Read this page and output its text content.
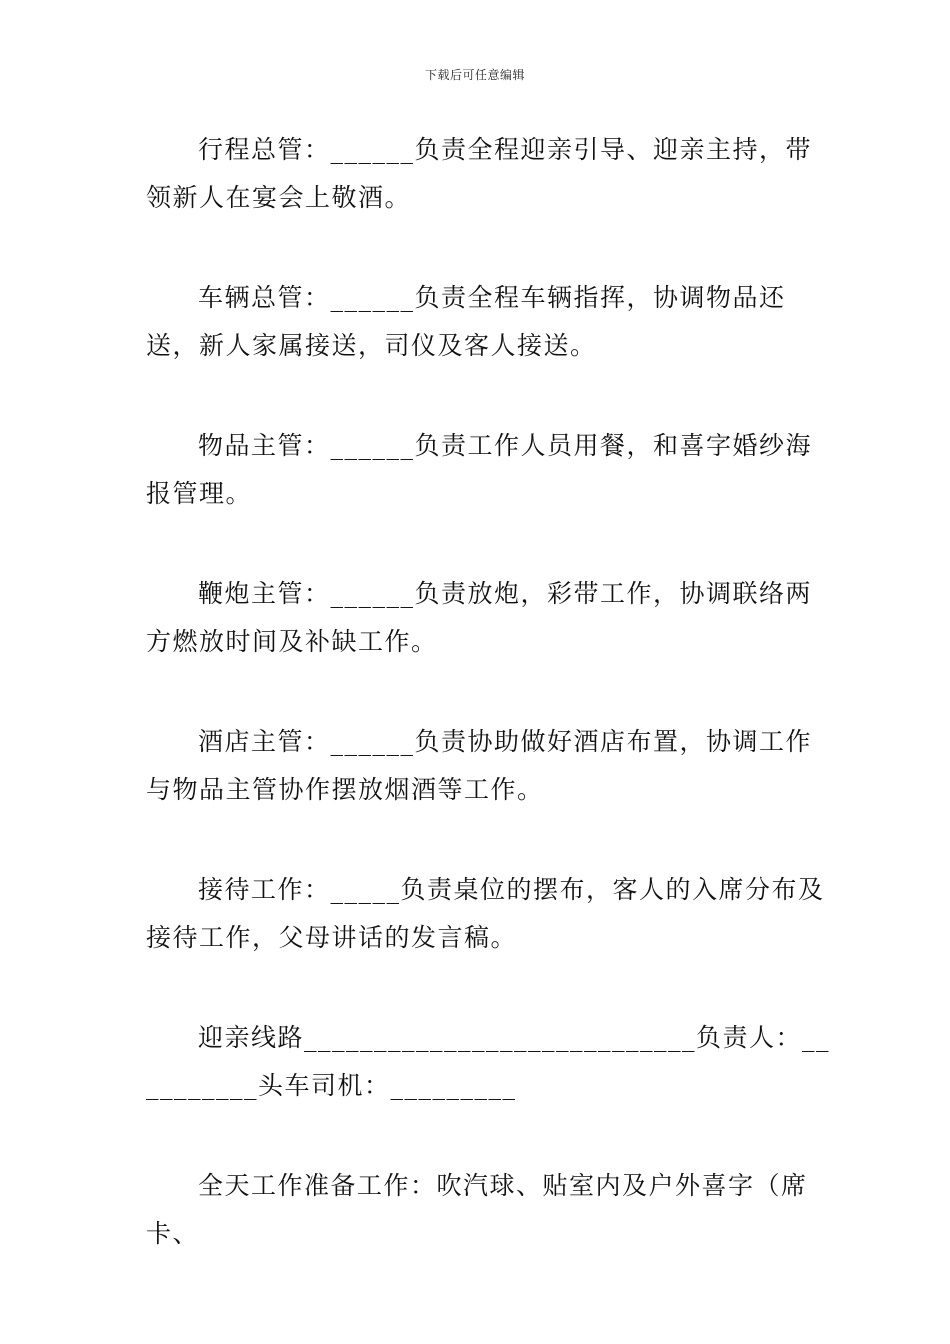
下载后可任意编辑

行程总管：______负责全程迎亲引导、迎亲主持，带领新人在宴会上敬酒。

车辆总管：______负责全程车辆指挥，协调物品还送，新人家属接送，司仪及客人接送。

物品主管：______负责工作人员用餐，和喜字婚纱海报管理。

鞭炮主管：______负责放炮，彩带工作，协调联络两方燃放时间及补缺工作。

酒店主管：______负责协助做好酒店布置，协调工作与物品主管协作摆放烟酒等工作。

接待工作：_____负责桌位的摆布，客人的入席分布及接待工作，父母讲话的发言稿。

迎亲线路____________________________负责人：__________头车司机：_________

全天工作准备工作：吹汽球、贴室内及户外喜字（席卡、
